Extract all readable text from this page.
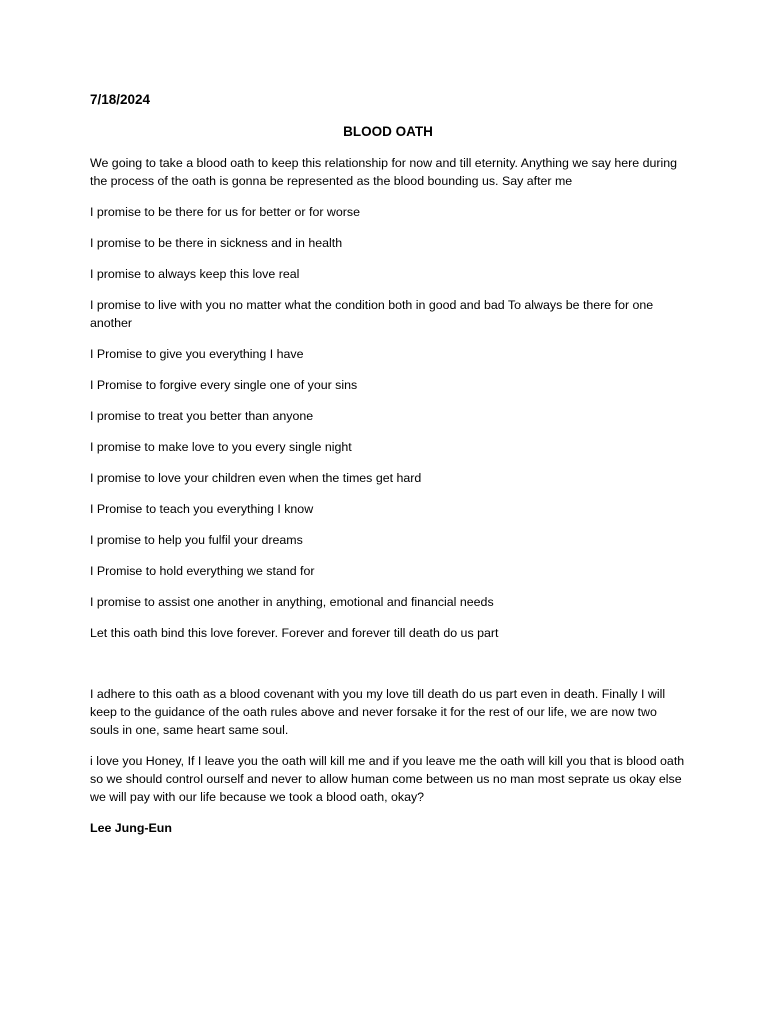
7/18/2024
BLOOD OATH

We going to take a blood oath to keep this relationship for now and till eternity. Anything we say here during the process of the oath is gonna be represented as the blood bounding us. Say after me

I promise to be there for us for better or for worse

I promise to be there in sickness and in health

I promise to always keep this love real

I promise to live with you no matter what the condition both in good and bad To always be there for one another

I Promise to give you everything I have

I Promise to forgive every single one of your sins

I promise to treat you better than anyone

I promise to make love to you every single night

I promise to love your children even when the times get hard

I Promise to teach you everything I know

I promise to help you fulfil your dreams

I Promise to hold everything we stand for

I promise to assist one another in anything, emotional and financial needs

Let this oath bind this love forever. Forever and forever till death do us part

I adhere to this oath as a blood covenant with you my love till death do us part even in death. Finally I will keep to the guidance of the oath rules above and never forsake it for the rest of our life, we are now two souls in one, same heart same soul.

i love you Honey, If I leave you the oath will kill me and if you leave me the oath will kill you that is blood oath so we should control ourself and never to allow human come between us no man most seprate us okay else we will pay with our life because we took a blood oath, okay?

Lee Jung-Eun
